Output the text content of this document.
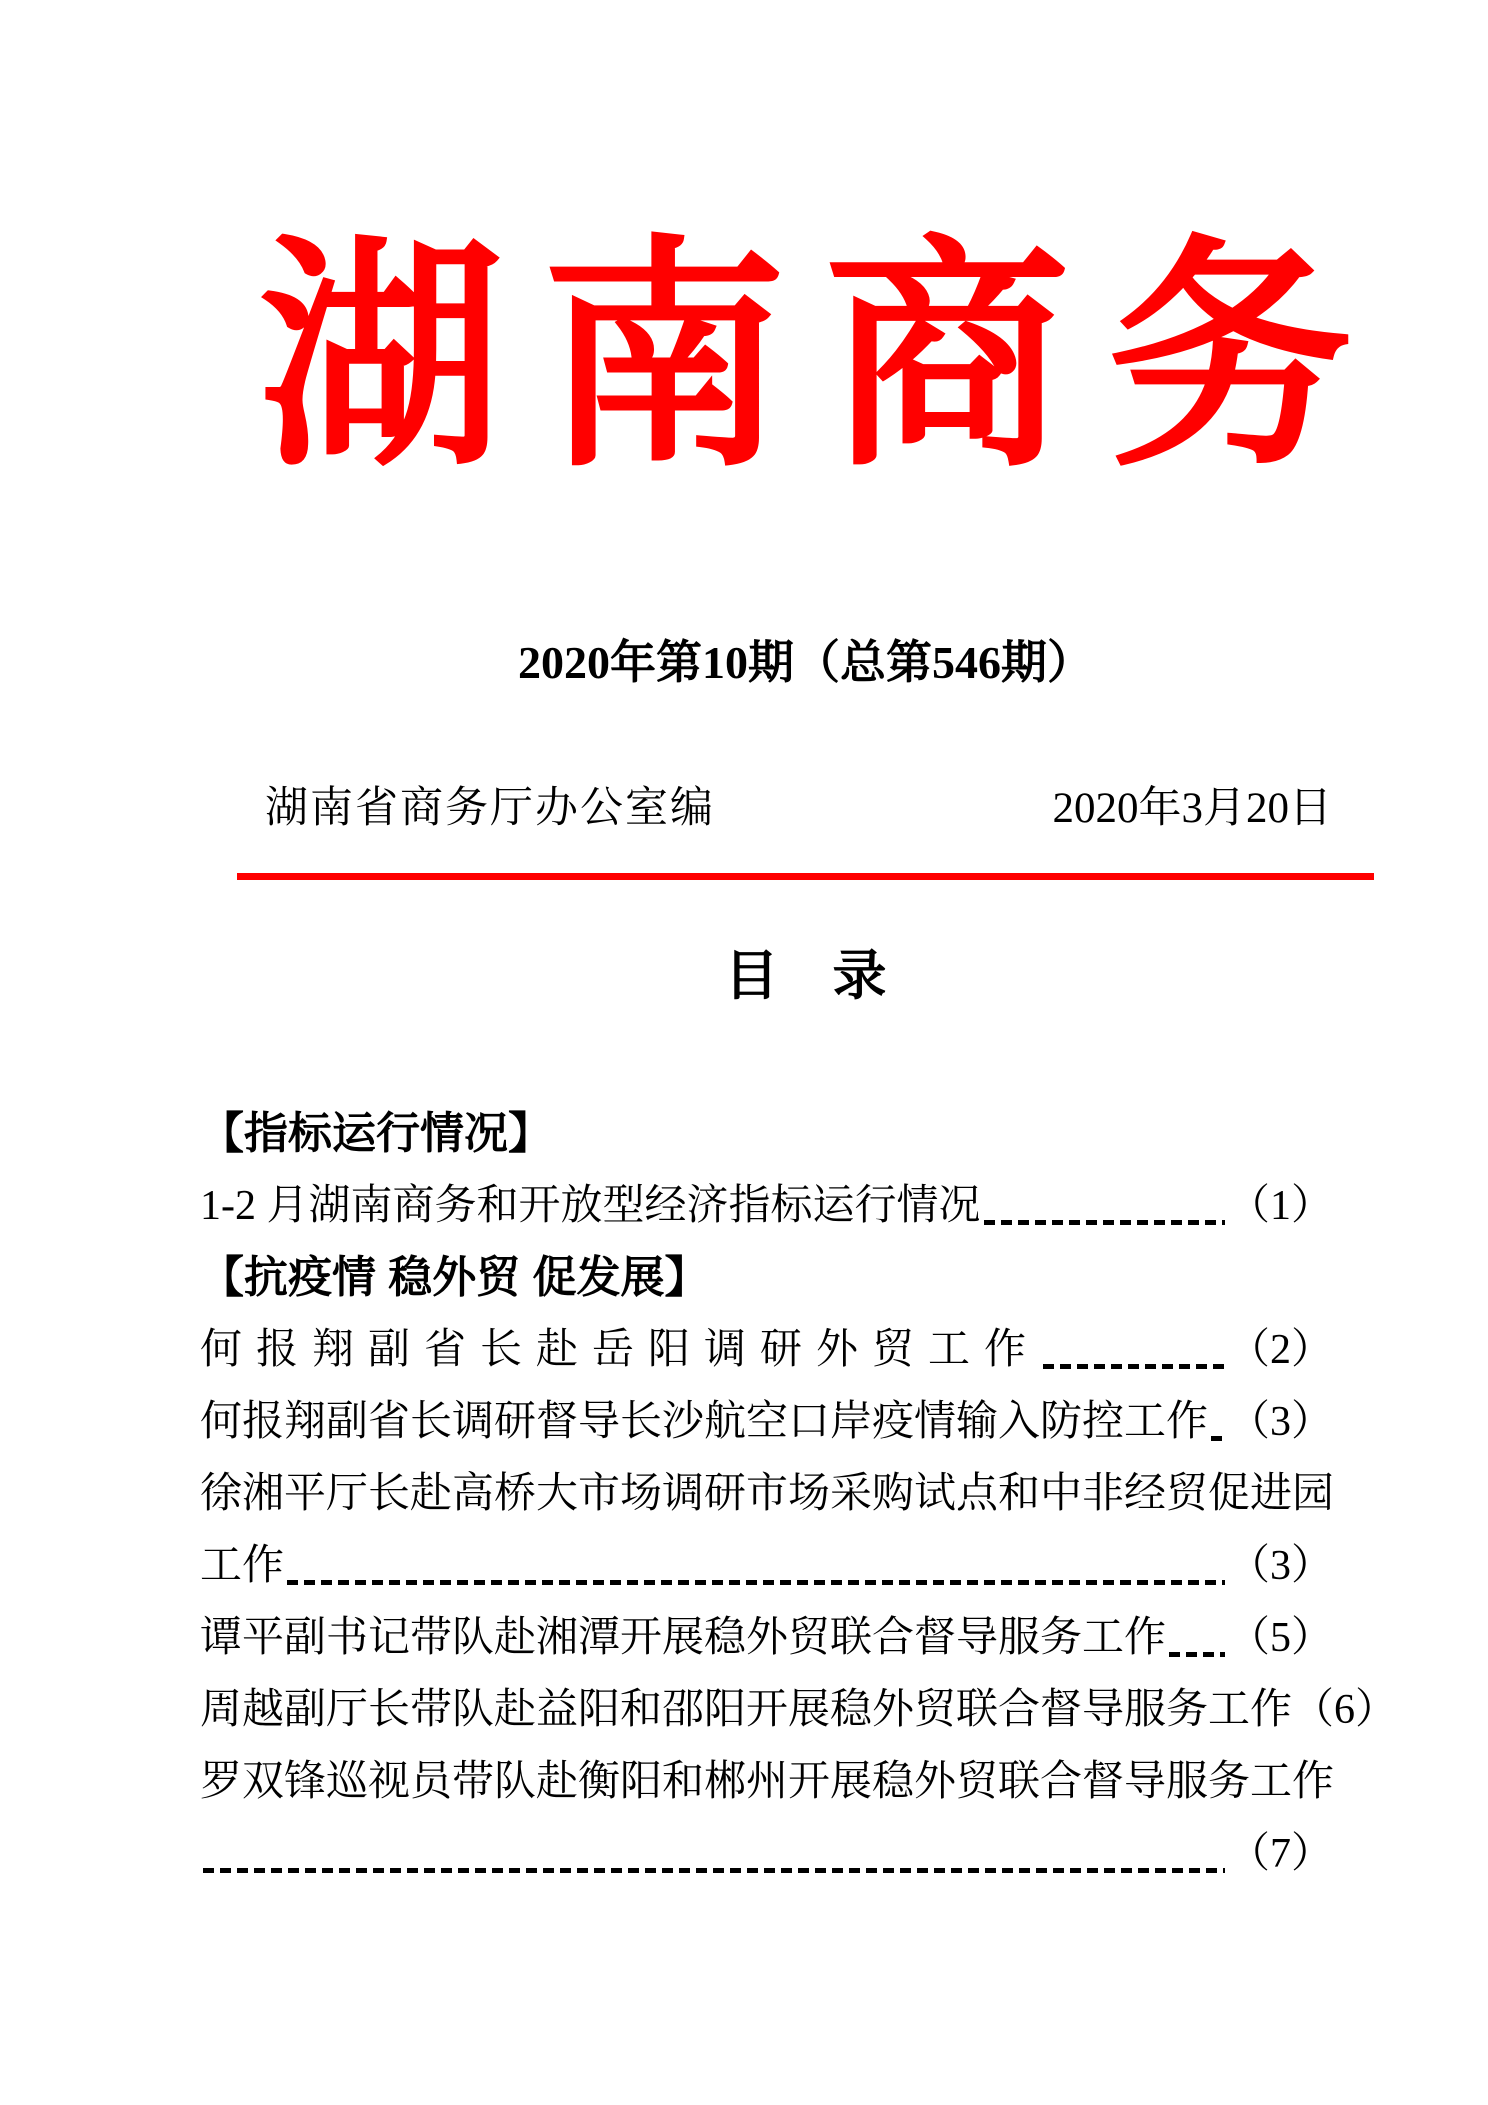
湖南商务
2020年第10期（总第546期）
湖南省商务厅办公室编	2020年3月20日
目　录
【指标运行情况】
1-2 月湖南商务和开放型经济指标运行情况	（1）
【抗疫情 稳外贸 促发展】
何报翔副省长赴岳阳调研外贸工作	（2）
何报翔副省长调研督导长沙航空口岸疫情输入防控工作 （3）
徐湘平厅长赴高桥大市场调研市场采购试点和中非经贸促进园
工作	（3）
谭平副书记带队赴湘潭开展稳外贸联合督导服务工作 （5）
周越副厅长带队赴益阳和邵阳开展稳外贸联合督导服务工作 （6）
罗双锋巡视员带队赴衡阳和郴州开展稳外贸联合督导服务工作
（7）
